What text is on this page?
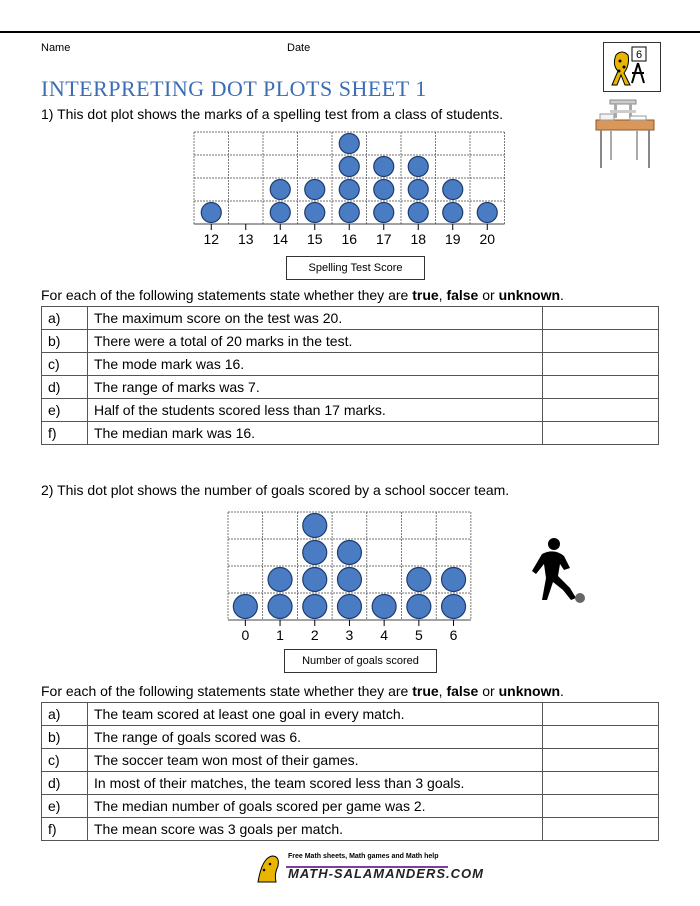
Name	Date
6
INTERPRETING DOT PLOTS SHEET 1
1) This dot plot shows the marks of a spelling test from a class of students.
12 13 14 15 16 17 18 19 20
Spelling Test Score
For each of the following statements state whether they are true, false or unknown.
a)	The maximum score on the test was 20.	
b)	There were a total of 20 marks in the test.	
c)	The mode mark was 16.	
d)	The range of marks was 7.	
e)	Half of the students scored less than 17 marks.	
f)	The median mark was 16.	
2) This dot plot shows the number of goals scored by a school soccer team.
0 1 2 3 4 5 6
Number of goals scored
For each of the following statements state whether they are true, false or unknown.
a)	The team scored at least one goal in every match.	
b)	The range of goals scored was 6.	
c)	The soccer team won most of their games.	
d)	In most of their matches, the team scored less than 3 goals.	
e)	The median number of goals scored per game was 2.	
f)	The mean score was 3 goals per match.	
Free Math sheets, Math games and Math help
MATH-SALAMANDERS.COM
